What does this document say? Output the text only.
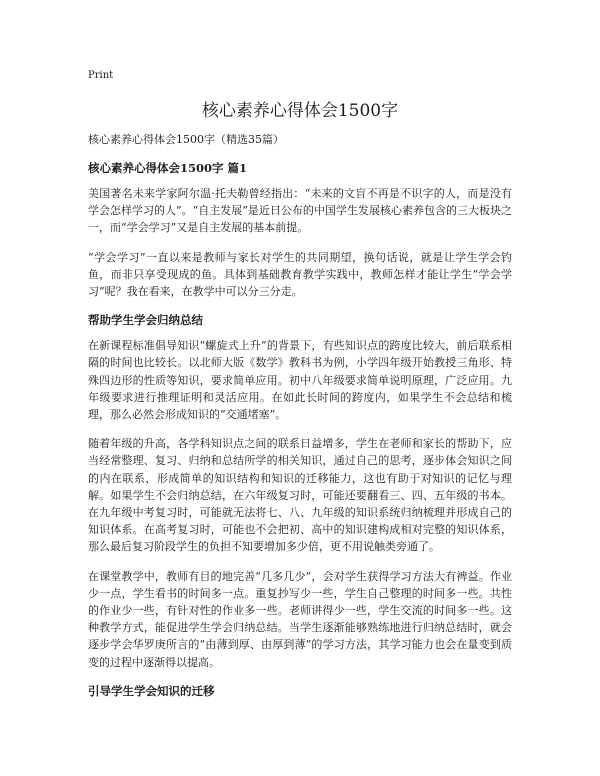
Print
核心素养心得体会1500字
核心素养心得体会1500字（精选35篇）
核心素养心得体会1500字 篇1
美国著名未来学家阿尔温·托夫勒曾经指出：“未来的文盲不再是不识字的人，而是没有学会怎样学习的人”。“自主发展”是近日公布的中国学生发展核心素养包含的三大板块之一，而“学会学习”又是自主发展的基本前提。
“学会学习”一直以来是教师与家长对学生的共同期望，换句话说，就是让学生学会钓鱼，而非只享受现成的鱼。具体到基础教育教学实践中，教师怎样才能让学生“学会学习”呢？我在看来，在教学中可以分三分走。
帮助学生学会归纳总结
在新课程标准倡导知识“螺旋式上升”的背景下，有些知识点的跨度比较大，前后联系相隔的时间也比较长。以北师大版《数学》教科书为例，小学四年级开始教授三角形、特殊四边形的性质等知识，要求简单应用。初中八年级要求简单说明原理，广泛应用。九年级要求进行推理证明和灵活应用。在如此长时间的跨度内，如果学生不会总结和梳理，那么必然会形成知识的“交通堵塞”。
随着年级的升高，各学科知识点之间的联系日益增多，学生在老师和家长的帮助下，应当经常整理、复习、归纳和总结所学的相关知识，通过自己的思考，逐步体会知识之间的内在联系，形成简单的知识结构和知识的迁移能力，这也有助于对知识的记忆与理解。如果学生不会归纳总结，在六年级复习时，可能还要翻看三、四、五年级的书本。在九年级中考复习时，可能就无法将七、八、九年级的知识系统归纳梳理并形成自己的知识体系。在高考复习时，可能也不会把初、高中的知识建构成相对完整的知识体系，那么最后复习阶段学生的负担不知要增加多少倍，更不用说触类旁通了。
在课堂教学中，教师有目的地完善“几多几少”，会对学生获得学习方法大有裨益。作业少一点，学生看书的时间多一点。重复抄写少一些，学生自己整理的时间多一些。共性的作业少一些，有针对性的作业多一些。老师讲得少一些，学生交流的时间多一些。这种教学方式，能促进学生学会归纳总结。当学生逐渐能够熟练地进行归纳总结时，就会逐步学会华罗庚所言的“由薄到厚、由厚到薄”的学习方法，其学习能力也会在量变到质变的过程中逐渐得以提高。
引导学生学会知识的迁移
